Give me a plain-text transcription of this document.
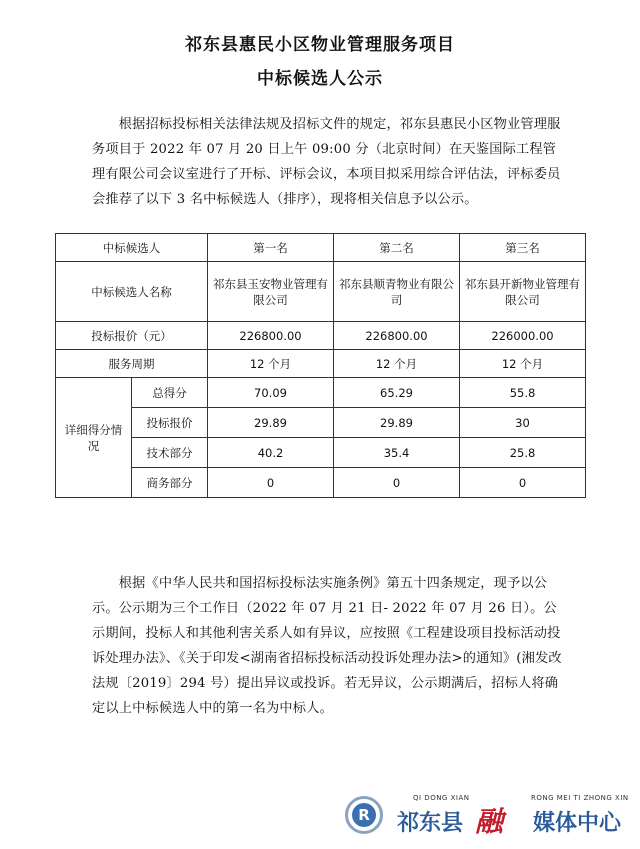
祁东县惠民小区物业管理服务项目
中标候选人公示

　　根据招标投标相关法律法规及招标文件的规定，祁东县惠民小区物业管理服务项目于 2022 年 07 月 20 日上午 09:00 分（北京时间）在天鉴国际工程管理有限公司会议室进行了开标、评标会议，本项目拟采用综合评估法，评标委员会推荐了以下 3 名中标候选人（排序），现将相关信息予以公示。

中标候选人		第一名	第二名	第三名
中标候选人名称		祁东县玉安物业管理有限公司	祁东县顺青物业有限公司	祁东县开新物业管理有限公司
投标报价（元）		226800.00	226800.00	226000.00
服务周期		12 个月	12 个月	12 个月
详细得分情况	总得分	70.09	65.29	55.8
	投标报价	29.89	29.89	30
	技术部分	40.2	35.4	25.8
	商务部分	0	0	0

　　根据《中华人民共和国招标投标法实施条例》第五十四条规定，现予以公示。公示期为三个工作日（2022 年 07 月 21 日- 2022 年 07 月 26 日）。公示期间，投标人和其他利害关系人如有异议，应按照《工程建设项目投标活动投诉处理办法》、《关于印发<湖南省招标投标活动投诉处理办法>的通知》(湘发改法规〔2019〕294 号）提出异议或投诉。若无异议，公示期满后，招标人将确定以上中标候选人中的第一名为中标人。

R
QI DONG XIAN	RONG MEI TI ZHONG XIN
祁东县 融 媒体中心
